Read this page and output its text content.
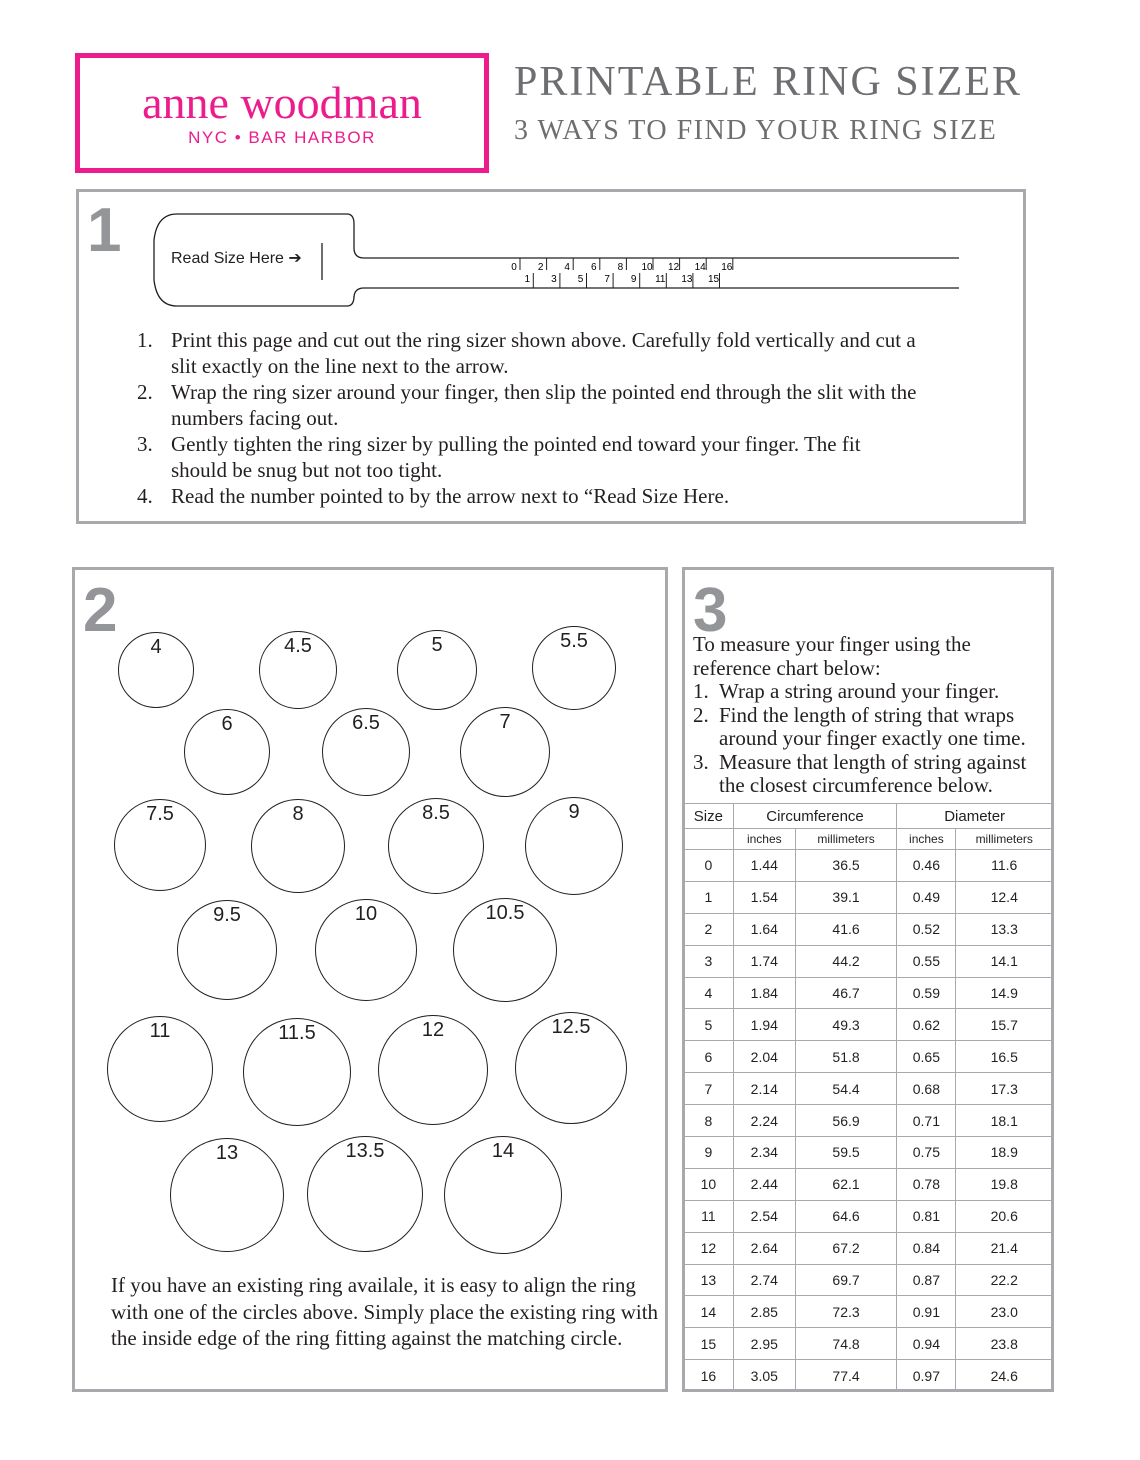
anne woodman
NYC • BAR HARBOR
PRINTABLE RING SIZER
3 WAYS TO FIND YOUR RING SIZE
1
0
1
2
3
4
5
6
7
8
9
10
11
12
13
14
15
16
Read Size Here ➔
1. Print this page and cut out the ring sizer shown above. Carefully fold vertically and cut a slit exactly on the line next to the arrow.
2. Wrap the ring sizer around your finger, then slip the pointed end through the slit with the numbers facing out.
3. Gently tighten the ring sizer by pulling the pointed end toward your finger. The fit should be snug but not too tight.
4. Read the number pointed to by the arrow next to “Read Size Here.
2
4	4.5	5	5.5
6	6.5	7
7.5	8	8.5	9
9.5	10	10.5
11	11.5	12	12.5
13	13.5	14
If you have an existing ring availale, it is easy to align the ring with one of the circles above. Simply place the existing ring with the inside edge of the ring fitting against the matching circle.
3
To measure your finger using the reference chart below:
1. Wrap a string around your finger.
2. Find the length of string that wraps around your finger exactly one time.
3. Measure that length of string against the closest circumference below.
Size	Circumference		Diameter	
	inches	millimeters	inches	millimeters
0	1.44	36.5	0.46	11.6
1	1.54	39.1	0.49	12.4
2	1.64	41.6	0.52	13.3
3	1.74	44.2	0.55	14.1
4	1.84	46.7	0.59	14.9
5	1.94	49.3	0.62	15.7
6	2.04	51.8	0.65	16.5
7	2.14	54.4	0.68	17.3
8	2.24	56.9	0.71	18.1
9	2.34	59.5	0.75	18.9
10	2.44	62.1	0.78	19.8
11	2.54	64.6	0.81	20.6
12	2.64	67.2	0.84	21.4
13	2.74	69.7	0.87	22.2
14	2.85	72.3	0.91	23.0
15	2.95	74.8	0.94	23.8
16	3.05	77.4	0.97	24.6
